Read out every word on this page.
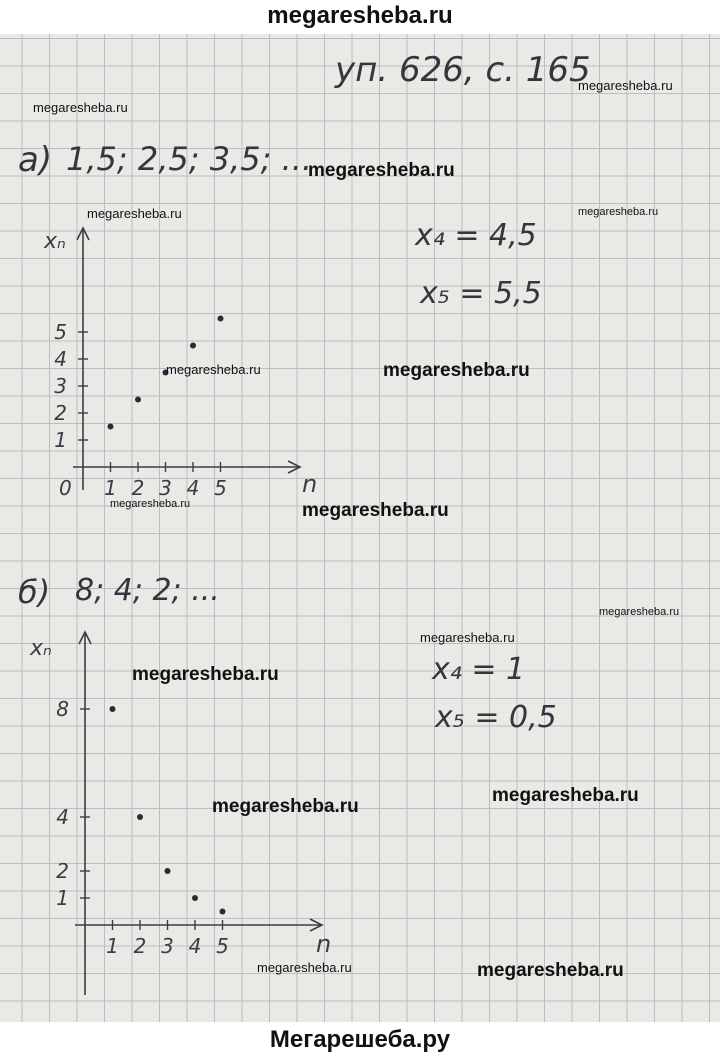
megaresheba.ru
уп. 626, с. 165
а) 1,5; 2,5; 3,5; ...
x₄ = 4,5
x₅ = 5,5
б) 8; 4; 2; ...
x₄ = 1
x₅ = 0,5
1 2 3 4 5
1
2
3
4
5
xₙ
n
0
1 2 3 4 5
1
2
4
8
xₙ
n
megaresheba.ru
megaresheba.ru
megaresheba.ru
megaresheba.ru	megaresheba.ru
megaresheba.ru	megaresheba.ru
megaresheba.ru	megaresheba.ru
megaresheba.ru
megaresheba.ru
megaresheba.ru
megaresheba.ru
megaresheba.ru
megaresheba.ru	megaresheba.ru
Мегарешеба.ру
